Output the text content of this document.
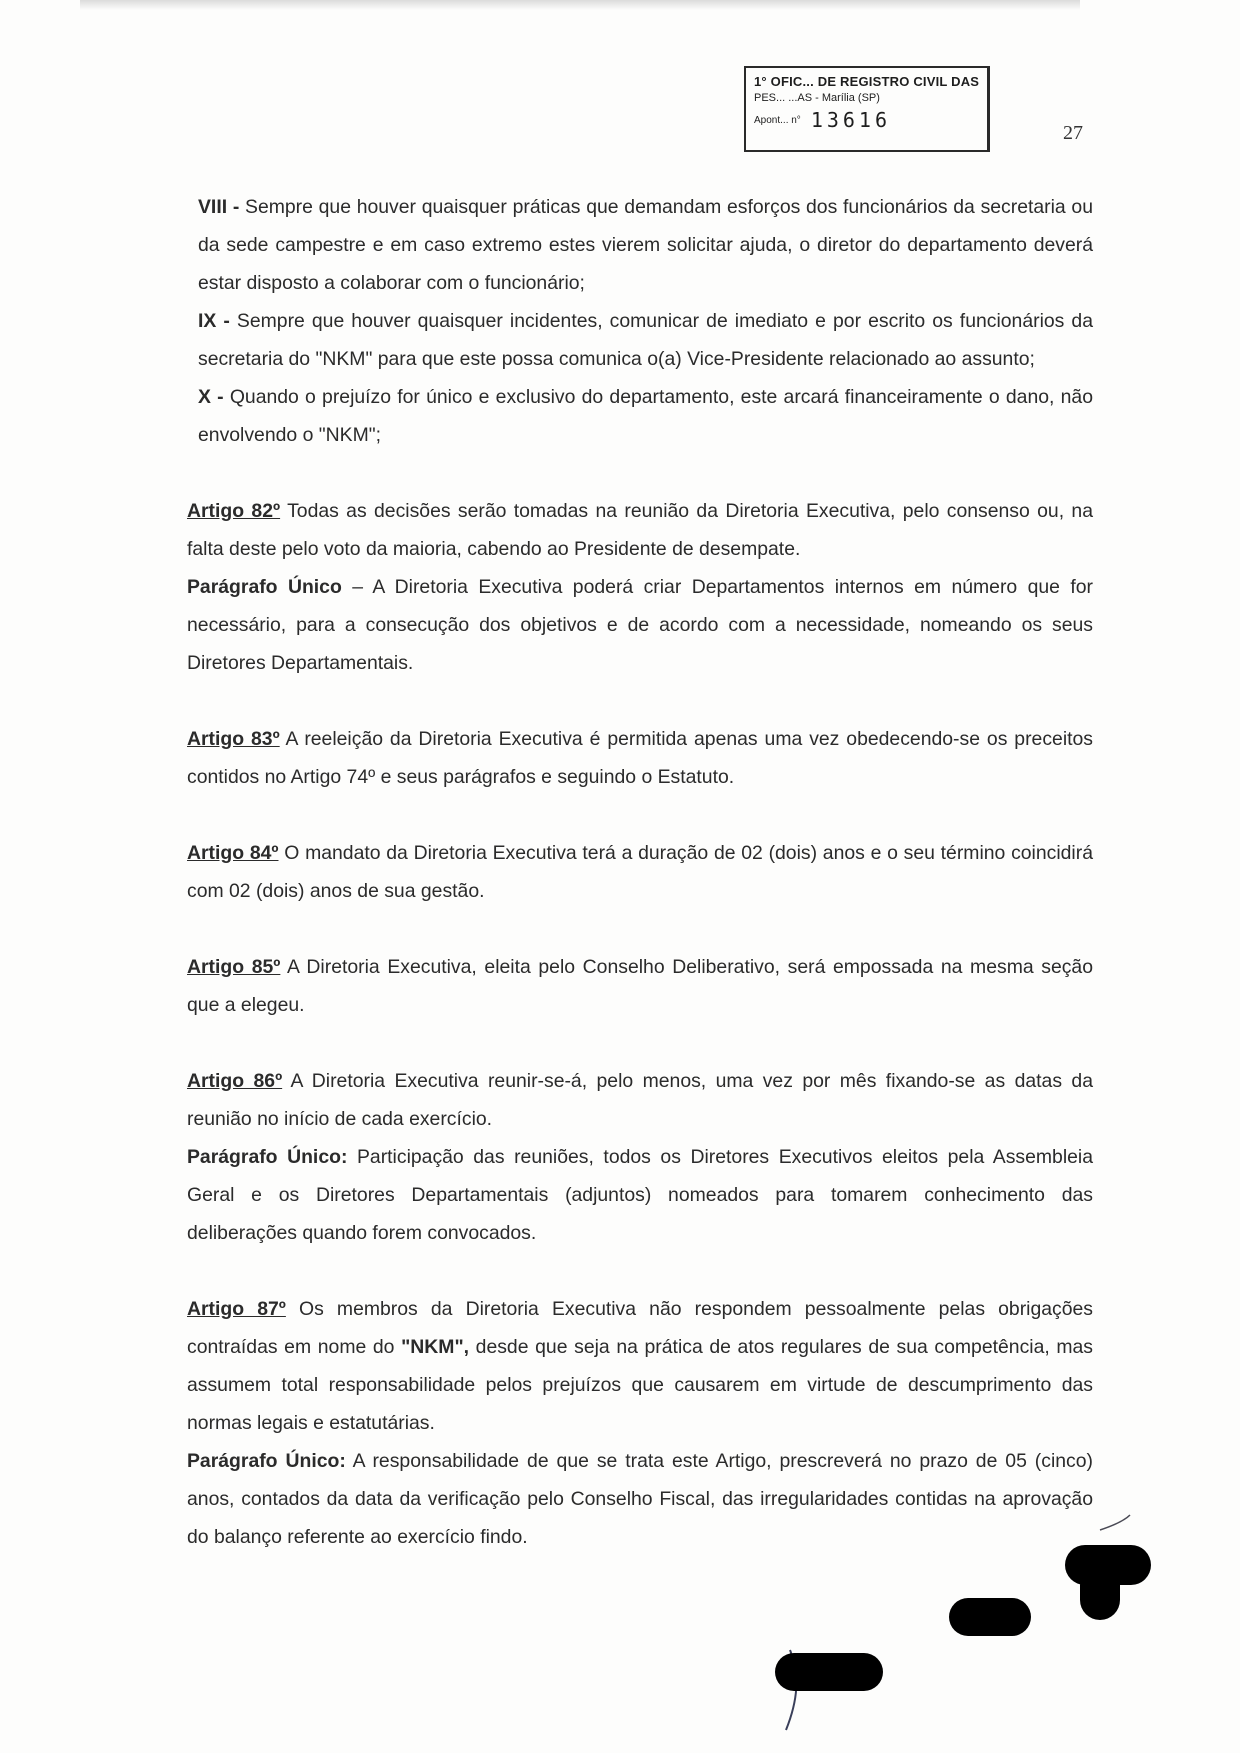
1° OFIC... DE REGISTRO CIVIL DAS
PES... ...AS - Marília (SP)
Apont... n° 13616
27

VIII - Sempre que houver quaisquer práticas que demandam esforços dos funcionários da secretaria ou da sede campestre e em caso extremo estes vierem solicitar ajuda, o diretor do departamento deverá estar disposto a colaborar com o funcionário;

IX - Sempre que houver quaisquer incidentes, comunicar de imediato e por escrito os funcionários da secretaria do "NKM" para que este possa comunica o(a) Vice-Presidente relacionado ao assunto;

X - Quando o prejuízo for único e exclusivo do departamento, este arcará financeiramente o dano, não envolvendo o "NKM";

Artigo 82º Todas as decisões serão tomadas na reunião da Diretoria Executiva, pelo consenso ou, na falta deste pelo voto da maioria, cabendo ao Presidente de desempate.

Parágrafo Único – A Diretoria Executiva poderá criar Departamentos internos em número que for necessário, para a consecução dos objetivos e de acordo com a necessidade, nomeando os seus Diretores Departamentais.

Artigo 83º A reeleição da Diretoria Executiva é permitida apenas uma vez obedecendo-se os preceitos contidos no Artigo 74º e seus parágrafos e seguindo o Estatuto.

Artigo 84º O mandato da Diretoria Executiva terá a duração de 02 (dois) anos e o seu término coincidirá com 02 (dois) anos de sua gestão.

Artigo 85º A Diretoria Executiva, eleita pelo Conselho Deliberativo, será empossada na mesma seção que a elegeu.

Artigo 86º A Diretoria Executiva reunir-se-á, pelo menos, uma vez por mês fixando-se as datas da reunião no início de cada exercício.

Parágrafo Único: Participação das reuniões, todos os Diretores Executivos eleitos pela Assembleia Geral e os Diretores Departamentais (adjuntos) nomeados para tomarem conhecimento das deliberações quando forem convocados.

Artigo 87º Os membros da Diretoria Executiva não respondem pessoalmente pelas obrigações contraídas em nome do "NKM", desde que seja na prática de atos regulares de sua competência, mas assumem total responsabilidade pelos prejuízos que causarem em virtude de descumprimento das normas legais e estatutárias.

Parágrafo Único: A responsabilidade de que se trata este Artigo, prescreverá no prazo de 05 (cinco) anos, contados da data da verificação pelo Conselho Fiscal, das irregularidades contidas na aprovação do balanço referente ao exercício findo.
